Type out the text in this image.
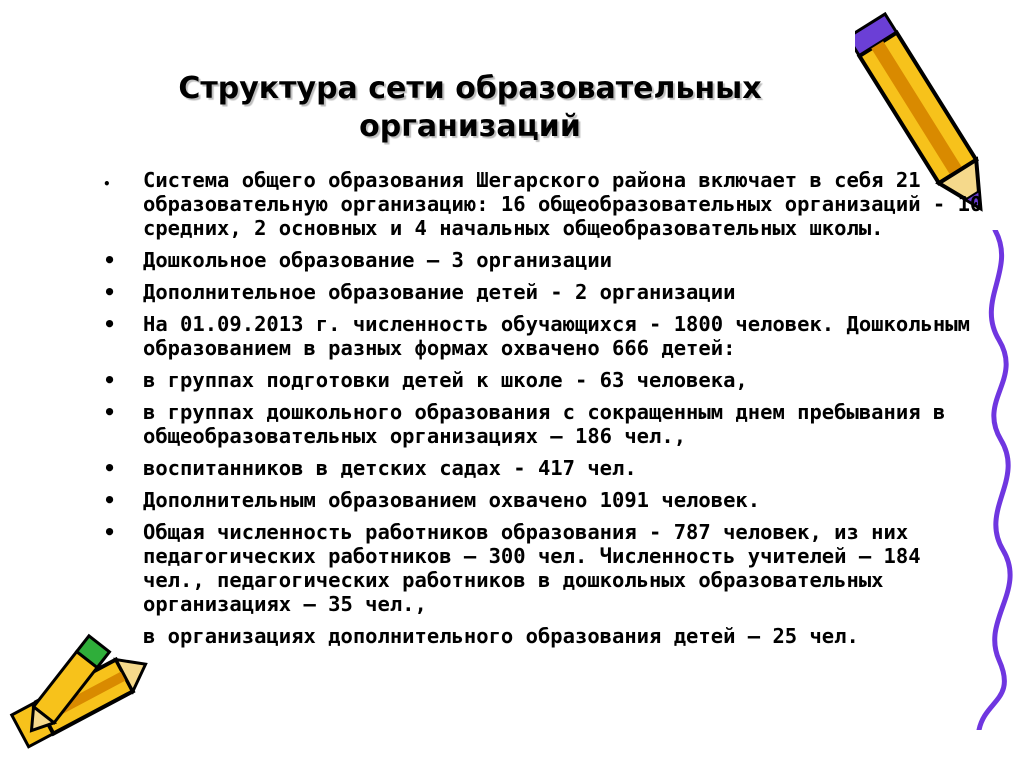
Структура сети образовательных
организаций
• Система общего образования Шегарского района включает в себя 21 образовательную организацию: 16 общеобразовательных организаций - 10 средних, 2 основных и 4 начальных общеобразовательных школы.
• Дошкольное образование – 3 организации
• Дополнительное образование детей - 2 организации
• На 01.09.2013 г. численность обучающихся - 1800 человек. Дошкольным образованием в разных формах охвачено 666 детей:
• в группах подготовки детей к школе - 63 человека,
• в группах дошкольного образования с сокращенным днем пребывания в общеобразовательных организациях – 186 чел.,
• воспитанников в детских садах - 417 чел.
• Дополнительным образованием охвачено 1091 человек.
• Общая численность работников образования - 787 человек, из них педагогических работников – 300 чел. Численность учителей – 184 чел., педагогических работников в дошкольных образовательных организациях – 35 чел.,
в организациях дополнительного образования детей – 25 чел.
